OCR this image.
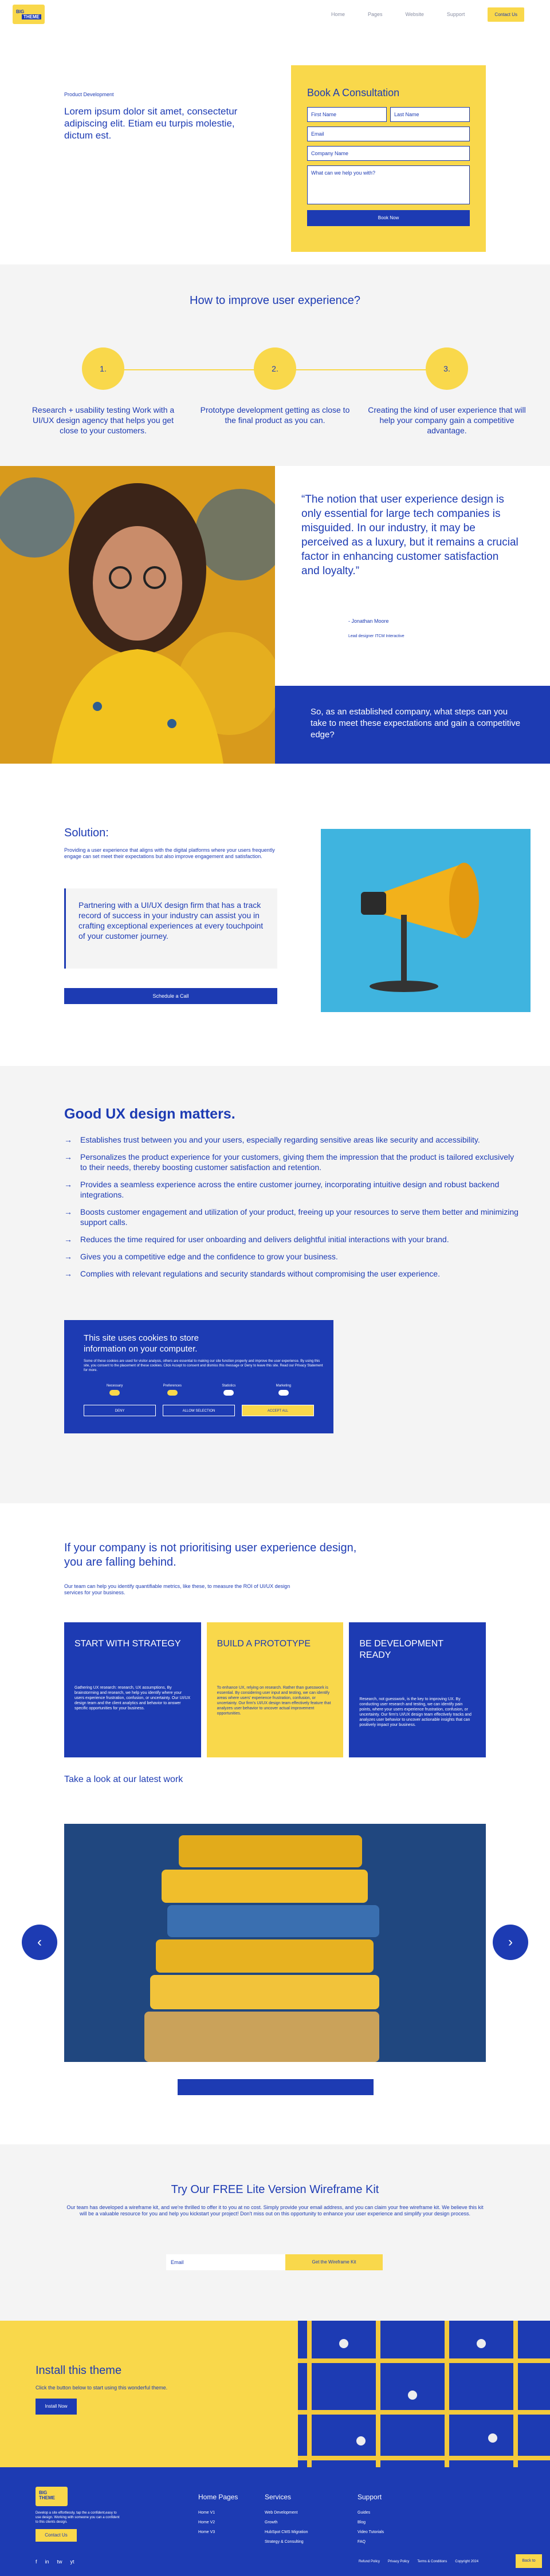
BIG
THEME	Home	Pages	Website	Support	Contact Us
Product Development
Lorem ipsum dolor sit amet, consectetur adipiscing elit. Etiam eu turpis molestie, dictum est.
Book A Consultation
First Name	Last Name
Email
Company Name
What can we help you with?
Book Now
How to improve user experience?
1.

Research + usability testing Work with a UI/UX design agency that helps you get close to your customers.

2.

Prototype development getting as close to the final product as you can.

3.

Creating the kind of user experience that will help your company gain a competitive advantage.

“The notion that user experience design is only essential for large tech companies is misguided. In our industry, it may be perceived as a luxury, but it remains a crucial factor in enhancing customer satisfaction and loyalty.”
- Jonathan Moore
Lead designer ITCM Interactive
So, as an established company, what steps can you take to meet these expectations and gain a competitive edge?
Solution:
Providing a user experience that aligns with the digital platforms where your users frequently engage can set meet their expectations but also improve engagement and satisfaction.
Partnering with a UI/UX design firm that has a track record of success in your industry can assist you in crafting exceptional experiences at every touchpoint of your customer journey.
Schedule a Call
Good UX design matters.
→ Establishes trust between you and your users, especially regarding sensitive areas like security and accessibility.
→ Personalizes the product experience for your customers, giving them the impression that the product is tailored exclusively to their needs, thereby boosting customer satisfaction and retention.
→ Provides a seamless experience across the entire customer journey, incorporating intuitive design and robust backend integrations.
→ Boosts customer engagement and utilization of your product, freeing up your resources to serve them better and minimizing support calls.
→ Reduces the time required for user onboarding and delivers delightful initial interactions with your brand.
→ Gives you a competitive edge and the confidence to grow your business.
→ Complies with relevant regulations and security standards without compromising the user experience.
This site uses cookies to store information on your computer.

Some of these cookies are used for visitor analysis, others are essential to making our site function properly and improve the user experience. By using this site, you consent to the placement of these cookies. Click Accept to consent and dismiss this message or Deny to leave this site. Read our Privacy Statement for more.

Necessary	Preferences	Statistics	Marketing
DENY	ALLOW SELECTION	ACCEPT ALL
If your company is not prioritising user experience design, you are falling behind.
Our team can help you identify quantifiable metrics, like these, to measure the ROI of UI/UX design services for your business.
START WITH STRATEGY

Gathering UX research: research, UX assumptions, By brainstorming and research, we help you identify where your users experience frustration, confusion, or uncertainty. Our UI/UX design team and the client analytics and behavior to answer specific opportunities for your business.

BUILD A PROTOTYPE

To enhance UX, relying on research. Rather than guesswork is essential. By considering user input and testing, we can identify areas where users' experience frustration, confusion, or uncertainty. Our firm's UI/UX design team effectively feature that analyzes user behavior to uncover actual improvement opportunities.

BE DEVELOPMENT READY

Research, not guesswork, is the key to improving UX. By conducting user research and testing, we can identify pain points, where your users experience frustration, confusion, or uncertainty. Our firm's UI/UX design team effectively tracks and analyzes user behavior to uncover actionable insights that can positively impact your business.

Take a look at our latest work
‹	›
Try Our FREE Lite Version Wireframe Kit

Our team has developed a wireframe kit, and we're thrilled to offer it to you at no cost. Simply provide your email address, and you can claim your free wireframe kit. We believe this kit will be a valuable resource for you and help you kickstart your project! Don't miss out on this opportunity to enhance your user experience and simplify your design process.

Email	Get the Wireframe Kit
Install this theme

Click the button below to start using this wonderful theme.

Install Now
BIG
THEME
Develop a site effortlessly, tap the a confident,easy to use design. Working with someone you can a confident to this clients design.
Contact Us
Home Pages
Home V1
Home V2
Home V3
Services
Web Development
Growth
HubSpot CMS Migration
Strategy & Consulting
Support
Guides
Blog
Video Tutorials
FAQ
f in tw yt	Refund Policy Privacy Policy Terms & Conditions Copyright 2024	Back to
